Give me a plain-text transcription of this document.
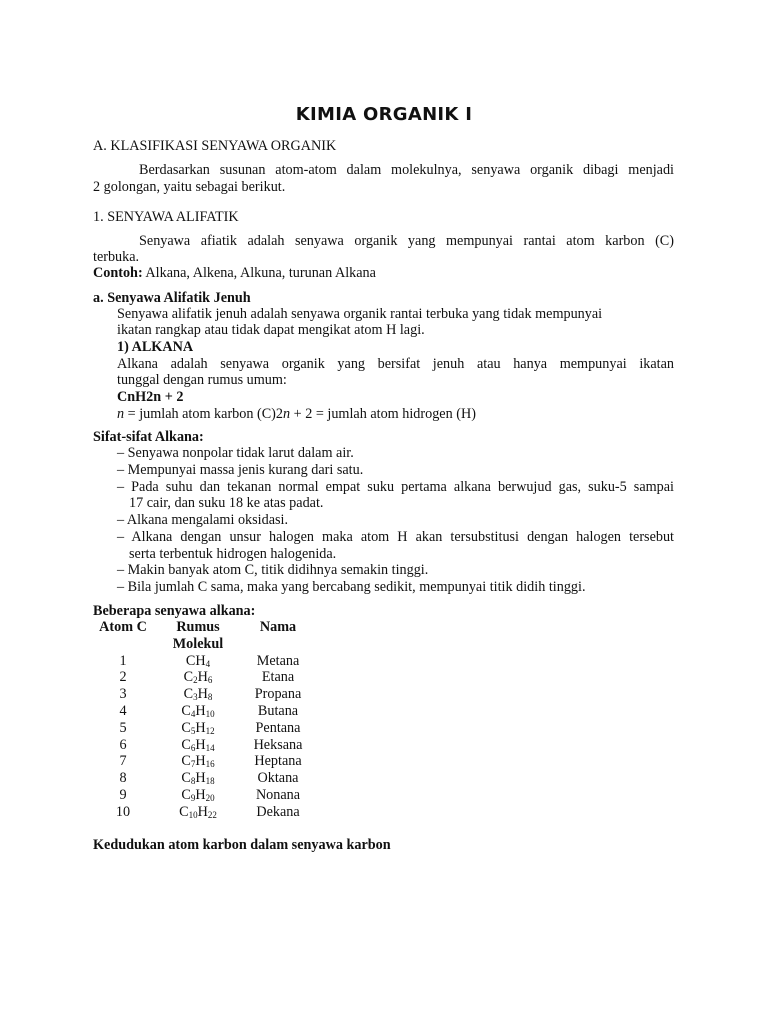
KIMIA ORGANIK I
A. KLASIFIKASI SENYAWA ORGANIK
Berdasarkan susunan atom-atom dalam molekulnya, senyawa organik dibagi menjadi
2 golongan, yaitu sebagai berikut.
1. SENYAWA ALIFATIK
Senyawa afiatik adalah senyawa organik yang mempunyai rantai atom karbon (C)
terbuka.
Contoh: Alkana, Alkena, Alkuna, turunan Alkana
a. Senyawa Alifatik Jenuh
Senyawa alifatik jenuh adalah senyawa organik rantai terbuka yang tidak mempunyai
ikatan rangkap atau tidak dapat mengikat atom H lagi.
1) ALKANA
Alkana adalah senyawa organik yang bersifat jenuh atau hanya mempunyai ikatan
tunggal dengan rumus umum:
CnH2n + 2
n = jumlah atom karbon (C)2n + 2 = jumlah atom hidrogen (H)
Sifat-sifat Alkana:
– Senyawa nonpolar tidak larut dalam air.
– Mempunyai massa jenis kurang dari satu.
– Pada suhu dan tekanan normal empat suku pertama alkana berwujud gas, suku-5 sampai
17 cair, dan suku 18 ke atas padat.
– Alkana mengalami oksidasi.
– Alkana dengan unsur halogen maka atom H akan tersubstitusi dengan halogen tersebut
serta terbentuk hidrogen halogenida.
– Makin banyak atom C, titik didihnya semakin tinggi.
– Bila jumlah C sama, maka yang bercabang sedikit, mempunyai titik didih tinggi.
Beberapa senyawa alkana:
Atom C	Rumus	Nama
Molekul
1	$CH_4$	Metana
2	$C_2H_6$	Etana
3	$C_3H_8$	Propana
4	$C_4H_{10}$	Butana
5	$C_5H_{12}$	Pentana
6	$C_6H_{14}$	Heksana
7	$C_7H_{16}$	Heptana
8	$C_8H_{18}$	Oktana
9	$C_9H_{20}$	Nonana
10	$C_{10}H_{22}$	Dekana
Kedudukan atom karbon dalam senyawa karbon
